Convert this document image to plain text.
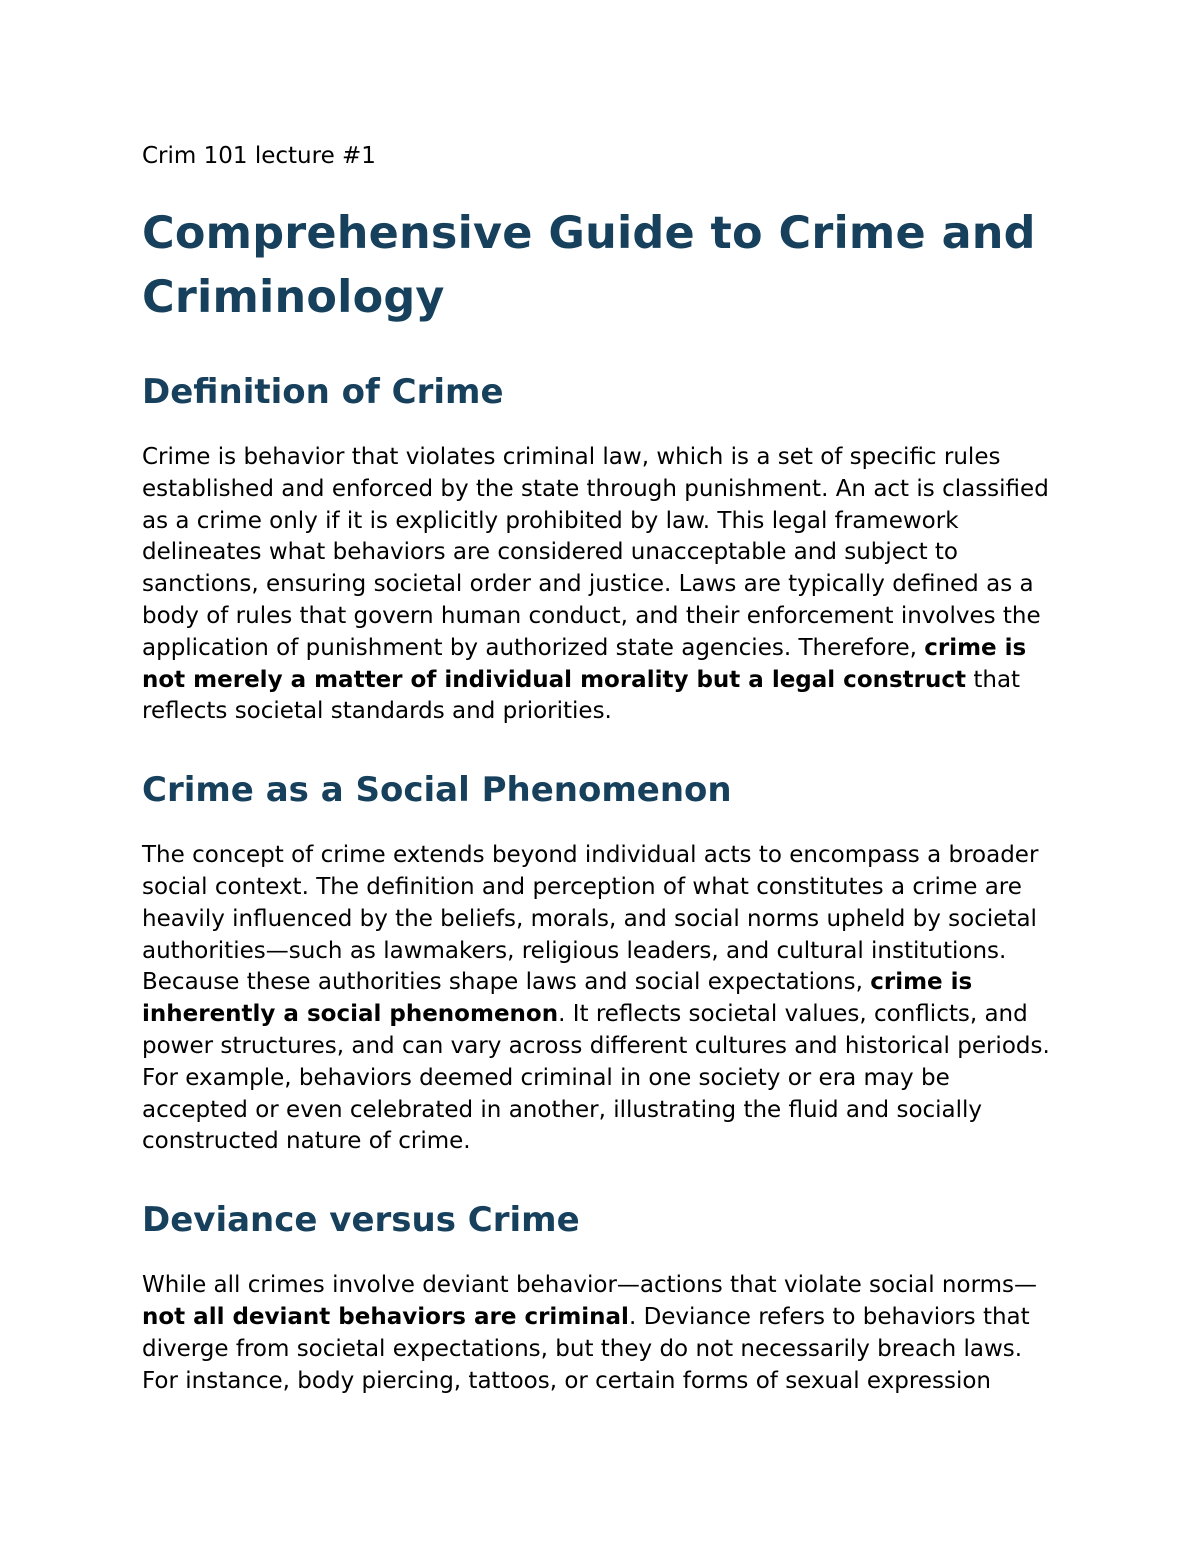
Crim 101 lecture #1

Comprehensive Guide to Crime and Criminology
Definition of Crime

Crime is behavior that violates criminal law, which is a set of specific rules established and enforced by the state through punishment. An act is classified as a crime only if it is explicitly prohibited by law. This legal framework delineates what behaviors are considered unacceptable and subject to sanctions, ensuring societal order and justice. Laws are typically defined as a body of rules that govern human conduct, and their enforcement involves the application of punishment by authorized state agencies. Therefore, crime is not merely a matter of individual morality but a legal construct that reflects societal standards and priorities.

Crime as a Social Phenomenon

The concept of crime extends beyond individual acts to encompass a broader social context. The definition and perception of what constitutes a crime are heavily influenced by the beliefs, morals, and social norms upheld by societal authorities—such as lawmakers, religious leaders, and cultural institutions. Because these authorities shape laws and social expectations, crime is inherently a social phenomenon. It reflects societal values, conflicts, and power structures, and can vary across different cultures and historical periods. For example, behaviors deemed criminal in one society or era may be accepted or even celebrated in another, illustrating the fluid and socially constructed nature of crime.

Deviance versus Crime

While all crimes involve deviant behavior—actions that violate social norms— not all deviant behaviors are criminal. Deviance refers to behaviors that diverge from societal expectations, but they do not necessarily breach laws. For instance, body piercing, tattoos, or certain forms of sexual expression
